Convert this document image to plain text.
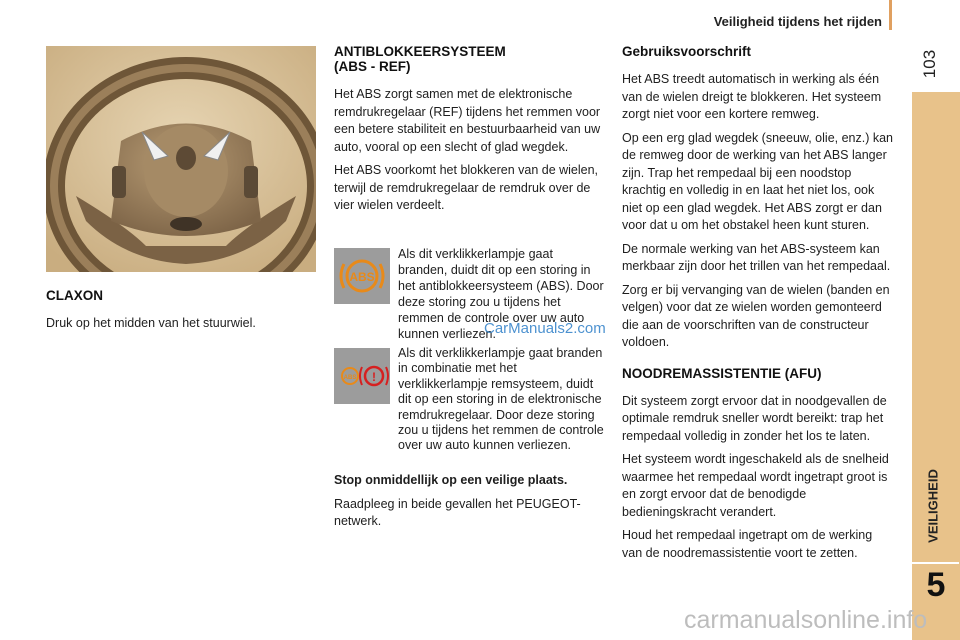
Veiligheid tijdens het rijden
103
VEILIGHEID
5
CLAXON

Druk op het midden van het stuurwiel.

ANTIBLOKKEERSYSTEEM
(ABS - REF)

Het ABS zorgt samen met de elektronische remdrukregelaar (REF) tijdens het remmen voor een betere stabiliteit en bestuurbaarheid van uw auto, vooral op een slecht of glad wegdek.

Het ABS voorkomt het blokkeren van de wielen, terwijl de remdrukregelaar de remdruk over de vier wielen verdeelt.

ABS
Als dit verklikkerlampje gaat branden, duidt dit op een storing in het antiblokkeersysteem (ABS). Door deze storing zou u tijdens het remmen de controle over uw auto kunnen verliezen.
ABS !
Als dit verklikkerlampje gaat branden in combinatie met het verklikkerlampje remsysteem, duidt dit op een storing in de elektronische remdrukregelaar. Door deze storing zou u tijdens het remmen de controle over uw auto kunnen verliezen.

Stop onmiddellijk op een veilige plaats.

Raadpleeg in beide gevallen het PEUGEOT-netwerk.

Gebruiksvoorschrift

Het ABS treedt automatisch in werking als één van de wielen dreigt te blokkeren. Het systeem zorgt niet voor een kortere remweg.

Op een erg glad wegdek (sneeuw, olie, enz.) kan de remweg door de werking van het ABS langer zijn. Trap het rempedaal bij een noodstop krachtig en volledig in en laat het niet los, ook niet op een glad wegdek. Het ABS zorgt er dan voor dat u om het obstakel heen kunt sturen.

De normale werking van het ABS-systeem kan merkbaar zijn door het trillen van het rempedaal.

Zorg er bij vervanging van de wielen (banden en velgen) voor dat ze wielen worden gemonteerd die aan de voorschriften van de constructeur voldoen.

NOODREMASSISTENTIE (AFU)

Dit systeem zorgt ervoor dat in noodgevallen de optimale remdruk sneller wordt bereikt: trap het rempedaal volledig in zonder het los te laten.

Het systeem wordt ingeschakeld als de snelheid waarmee het rempedaal wordt ingetrapt groot is en zorgt ervoor dat de benodigde bedieningskracht verandert.

Houd het rempedaal ingetrapt om de werking van de noodremassistentie voort te zetten.

CarManuals2.com
carmanualsonline.info
